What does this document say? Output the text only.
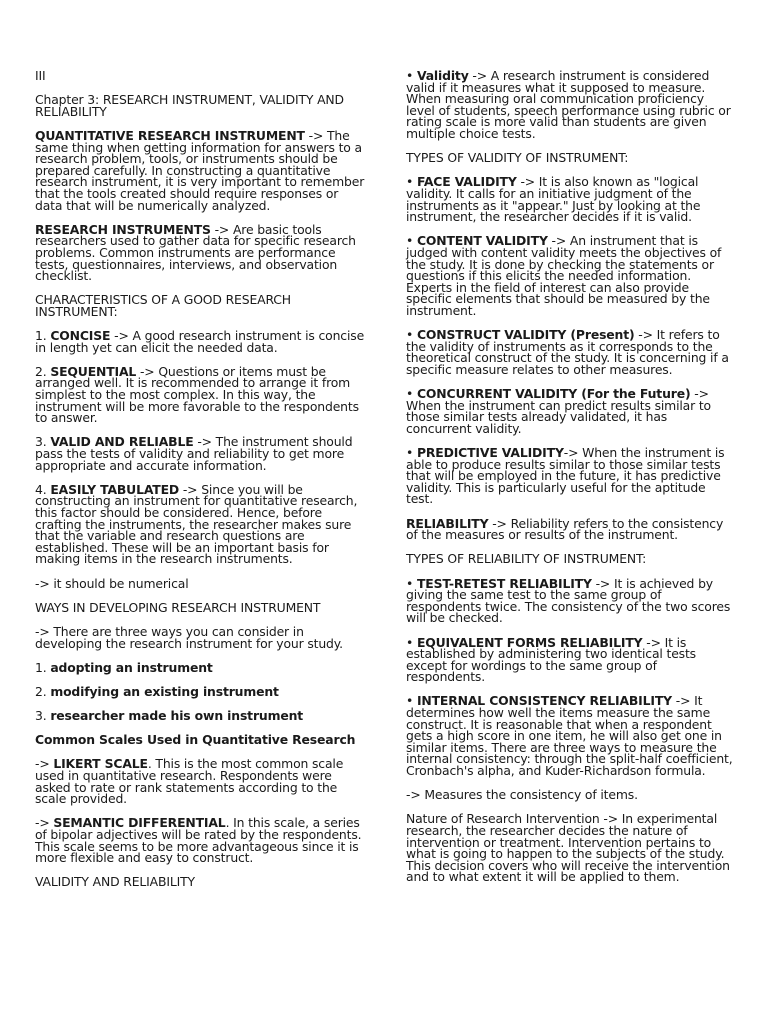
III

Chapter 3: RESEARCH INSTRUMENT, VALIDITY AND RELIABILITY

QUANTITATIVE RESEARCH INSTRUMENT -> The same thing when getting information for answers to a research problem, tools, or instruments should be prepared carefully. In constructing a quantitative research instrument, it is very important to remember that the tools created should require responses or data that will be numerically analyzed.

RESEARCH INSTRUMENTS -> Are basic tools researchers used to gather data for specific research problems. Common instruments are performance tests, questionnaires, interviews, and observation checklist.

CHARACTERISTICS OF A GOOD RESEARCH INSTRUMENT:

1. CONCISE -> A good research instrument is concise in length yet can elicit the needed data.

2. SEQUENTIAL -> Questions or items must be arranged well. It is recommended to arrange it from simplest to the most complex. In this way, the instrument will be more favorable to the respondents to answer.

3. VALID AND RELIABLE -> The instrument should pass the tests of validity and reliability to get more appropriate and accurate information.

4. EASILY TABULATED -> Since you will be constructing an instrument for quantitative research, this factor should be considered. Hence, before crafting the instruments, the researcher makes sure that the variable and research questions are established. These will be an important basis for making items in the research instruments.

-> it should be numerical

WAYS IN DEVELOPING RESEARCH INSTRUMENT

-> There are three ways you can consider in developing the research instrument for your study.

1. adopting an instrument

2. modifying an existing instrument

3. researcher made his own instrument

Common Scales Used in Quantitative Research

-> LIKERT SCALE. This is the most common scale used in quantitative research. Respondents were asked to rate or rank statements according to the scale provided.

-> SEMANTIC DIFFERENTIAL. In this scale, a series of bipolar adjectives will be rated by the respondents. This scale seems to be more advantageous since it is more flexible and easy to construct.

VALIDITY AND RELIABILITY

• Validity -> A research instrument is considered valid if it measures what it supposed to measure. When measuring oral communication proficiency level of students, speech performance using rubric or rating scale is more valid than students are given multiple choice tests.

TYPES OF VALIDITY OF INSTRUMENT:

• FACE VALIDITY -> It is also known as "logical validity. It calls for an initiative judgment of the instruments as it "appear." Just by looking at the instrument, the researcher decides if it is valid.

• CONTENT VALIDITY -> An instrument that is judged with content validity meets the objectives of the study. It is done by checking the statements or questions if this elicits the needed information. Experts in the field of interest can also provide specific elements that should be measured by the instrument.

• CONSTRUCT VALIDITY (Present) -> It refers to the validity of instruments as it corresponds to the theoretical construct of the study. It is concerning if a specific measure relates to other measures.

• CONCURRENT VALIDITY (For the Future) -> When the instrument can predict results similar to those similar tests already validated, it has concurrent validity.

• PREDICTIVE VALIDITY-> When the instrument is able to produce results similar to those similar tests that will be employed in the future, it has predictive validity. This is particularly useful for the aptitude test.

RELIABILITY -> Reliability refers to the consistency of the measures or results of the instrument.

TYPES OF RELIABILITY OF INSTRUMENT:

• TEST-RETEST RELIABILITY -> It is achieved by giving the same test to the same group of respondents twice. The consistency of the two scores will be checked.

• EQUIVALENT FORMS RELIABILITY -> It is established by administering two identical tests except for wordings to the same group of respondents.

• INTERNAL CONSISTENCY RELIABILITY -> It determines how well the items measure the same construct. It is reasonable that when a respondent gets a high score in one item, he will also get one in similar items. There are three ways to measure the internal consistency: through the split-half coefficient, Cronbach's alpha, and Kuder-Richardson formula.

-> Measures the consistency of items.

Nature of Research Intervention -> In experimental research, the researcher decides the nature of intervention or treatment. Intervention pertains to what is going to happen to the subjects of the study. This decision covers who will receive the intervention and to what extent it will be applied to them.
